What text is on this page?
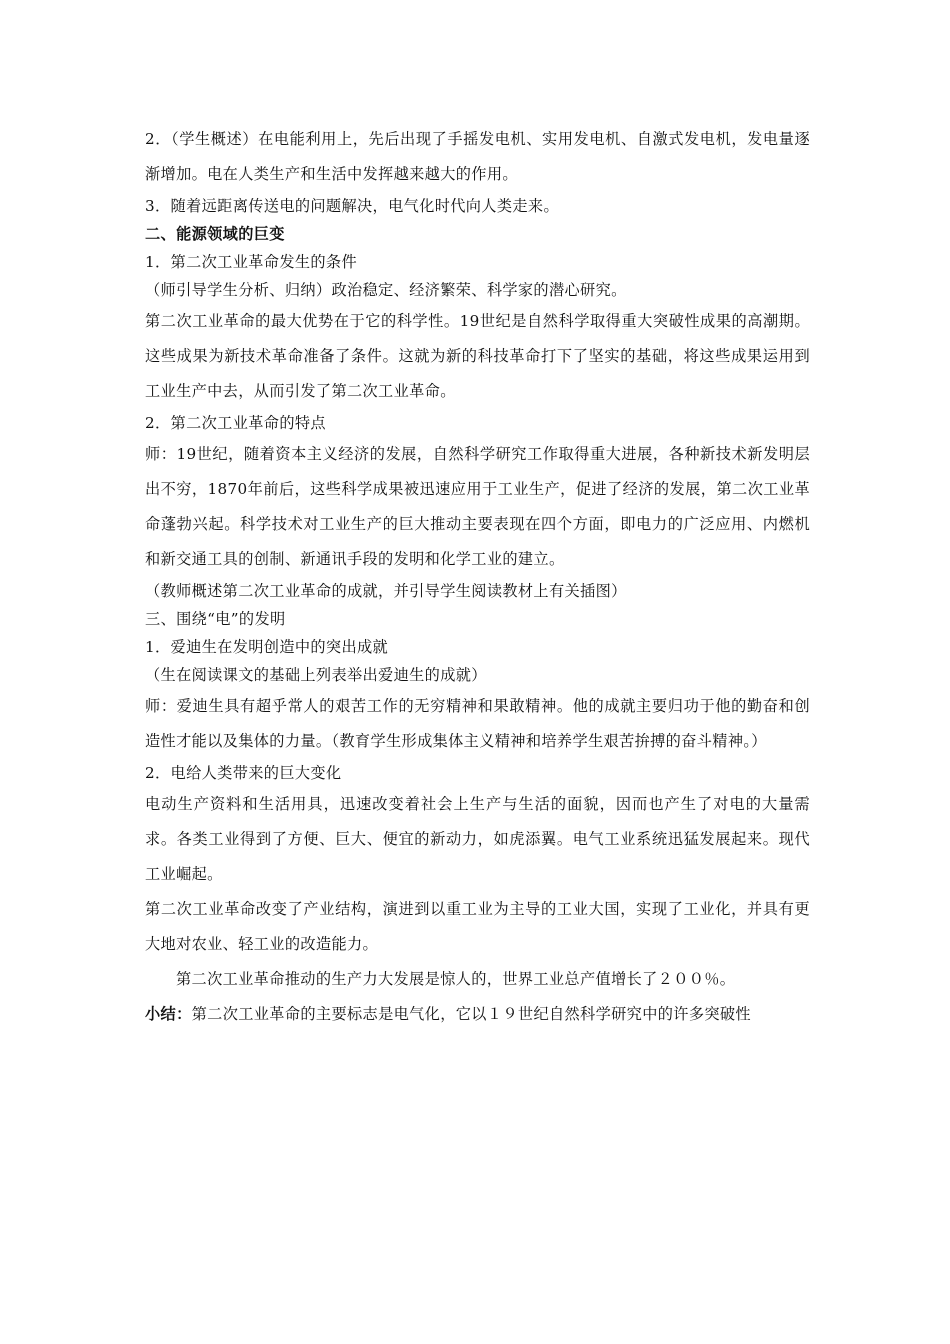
2．（学生概述）在电能利用上，先后出现了手摇发电机、实用发电机、自激式发电机，发电量逐渐增加。电在人类生产和生活中发挥越来越大的作用。

3．随着远距离传送电的问题解决，电气化时代向人类走来。

二、能源领域的巨变

1．第二次工业革命发生的条件

（师引导学生分析、归纳）政治稳定、经济繁荣、科学家的潜心研究。

第二次工业革命的最大优势在于它的科学性。19世纪是自然科学取得重大突破性成果的高潮期。这些成果为新技术革命准备了条件。这就为新的科技革命打下了坚实的基础，将这些成果运用到工业生产中去，从而引发了第二次工业革命。

2．第二次工业革命的特点

师：19世纪，随着资本主义经济的发展，自然科学研究工作取得重大进展，各种新技术新发明层出不穷，1870年前后，这些科学成果被迅速应用于工业生产，促进了经济的发展，第二次工业革命蓬勃兴起。科学技术对工业生产的巨大推动主要表现在四个方面，即电力的广泛应用、内燃机和新交通工具的创制、新通讯手段的发明和化学工业的建立。

（教师概述第二次工业革命的成就，并引导学生阅读教材上有关插图）

三、围绕“电”的发明

1．爱迪生在发明创造中的突出成就

（生在阅读课文的基础上列表举出爱迪生的成就）

师：爱迪生具有超乎常人的艰苦工作的无穷精神和果敢精神。他的成就主要归功于他的勤奋和创造性才能以及集体的力量。（教育学生形成集体主义精神和培养学生艰苦拚搏的奋斗精神。）

2．电给人类带来的巨大变化

电动生产资料和生活用具，迅速改变着社会上生产与生活的面貌，因而也产生了对电的大量需求。各类工业得到了方便、巨大、便宜的新动力，如虎添翼。电气工业系统迅猛发展起来。现代工业崛起。

第二次工业革命改变了产业结构，演进到以重工业为主导的工业大国，实现了工业化，并具有更大地对农业、轻工业的改造能力。

第二次工业革命推动的生产力大发展是惊人的，世界工业总产值增长了２００％。

小结：第二次工业革命的主要标志是电气化，它以１９世纪自然科学研究中的许多突破性
